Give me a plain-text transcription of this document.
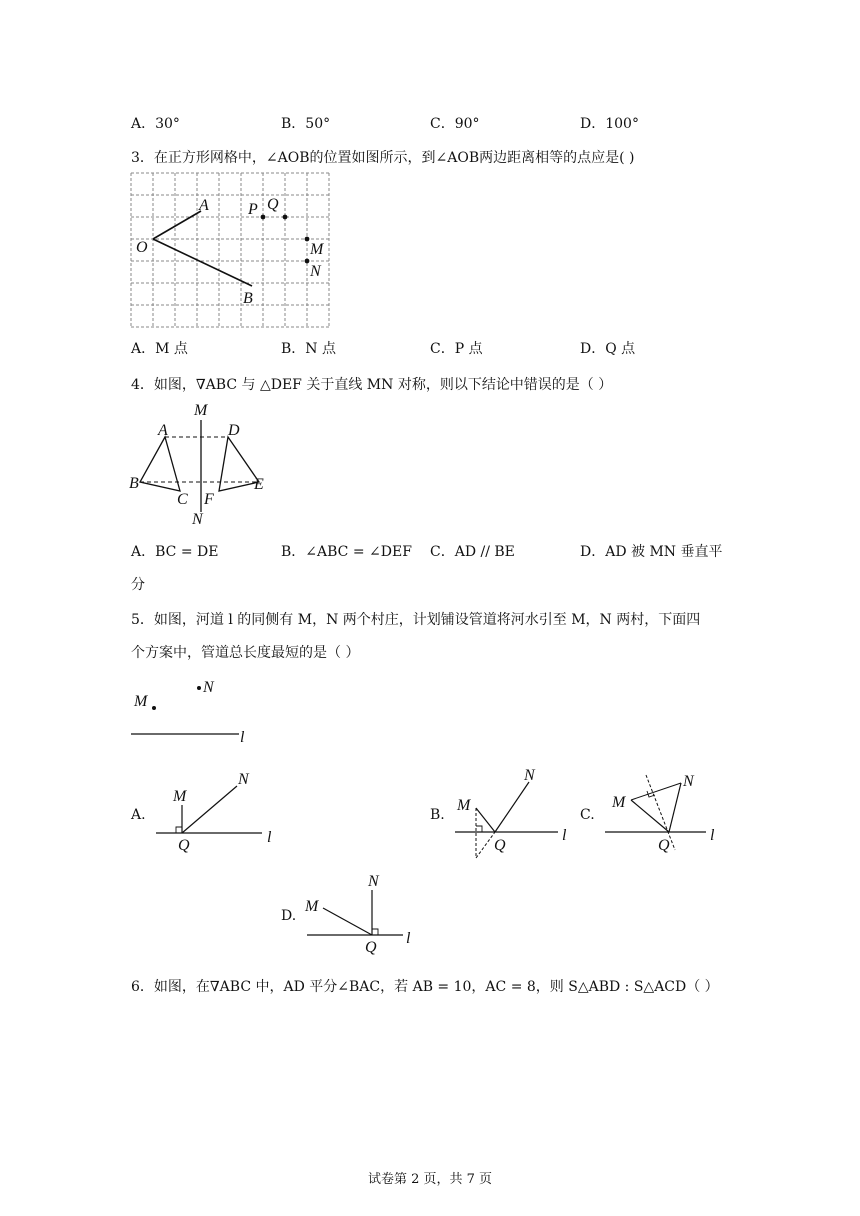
A．30°	B．50°	C．90°	D．100°
3．在正方形网格中，∠AOB的位置如图所示，到∠AOB两边距离相等的点应是( )
A P Q
O	M
N
B
M
A	D
B
C F
E
N
N
M
l
M
N
Q	l
M
N
Q
l
M
N
Q
l
M
N
Q
l
A．M 点	B．N 点	C．P 点	D．Q 点
4．如图，∇ABC 与 △DEF 关于直线 MN 对称，则以下结论中错误的是（ ）
A．BC = DE	B．∠ABC = ∠DEF C．AD // BE	D．AD 被 MN 垂直平
分
5．如图，河道 l 的同侧有 M，N 两个村庄，计划铺设管道将河水引至 M，N 两村，下面四
个方案中，管道总长度最短的是（ ）
A.	B.	C.
D.
6．如图，在∇ABC 中，AD 平分∠BAC，若 AB = 10，AC = 8，则 S△ABD : S△ACD（ ）
试卷第 2 页，共 7 页
